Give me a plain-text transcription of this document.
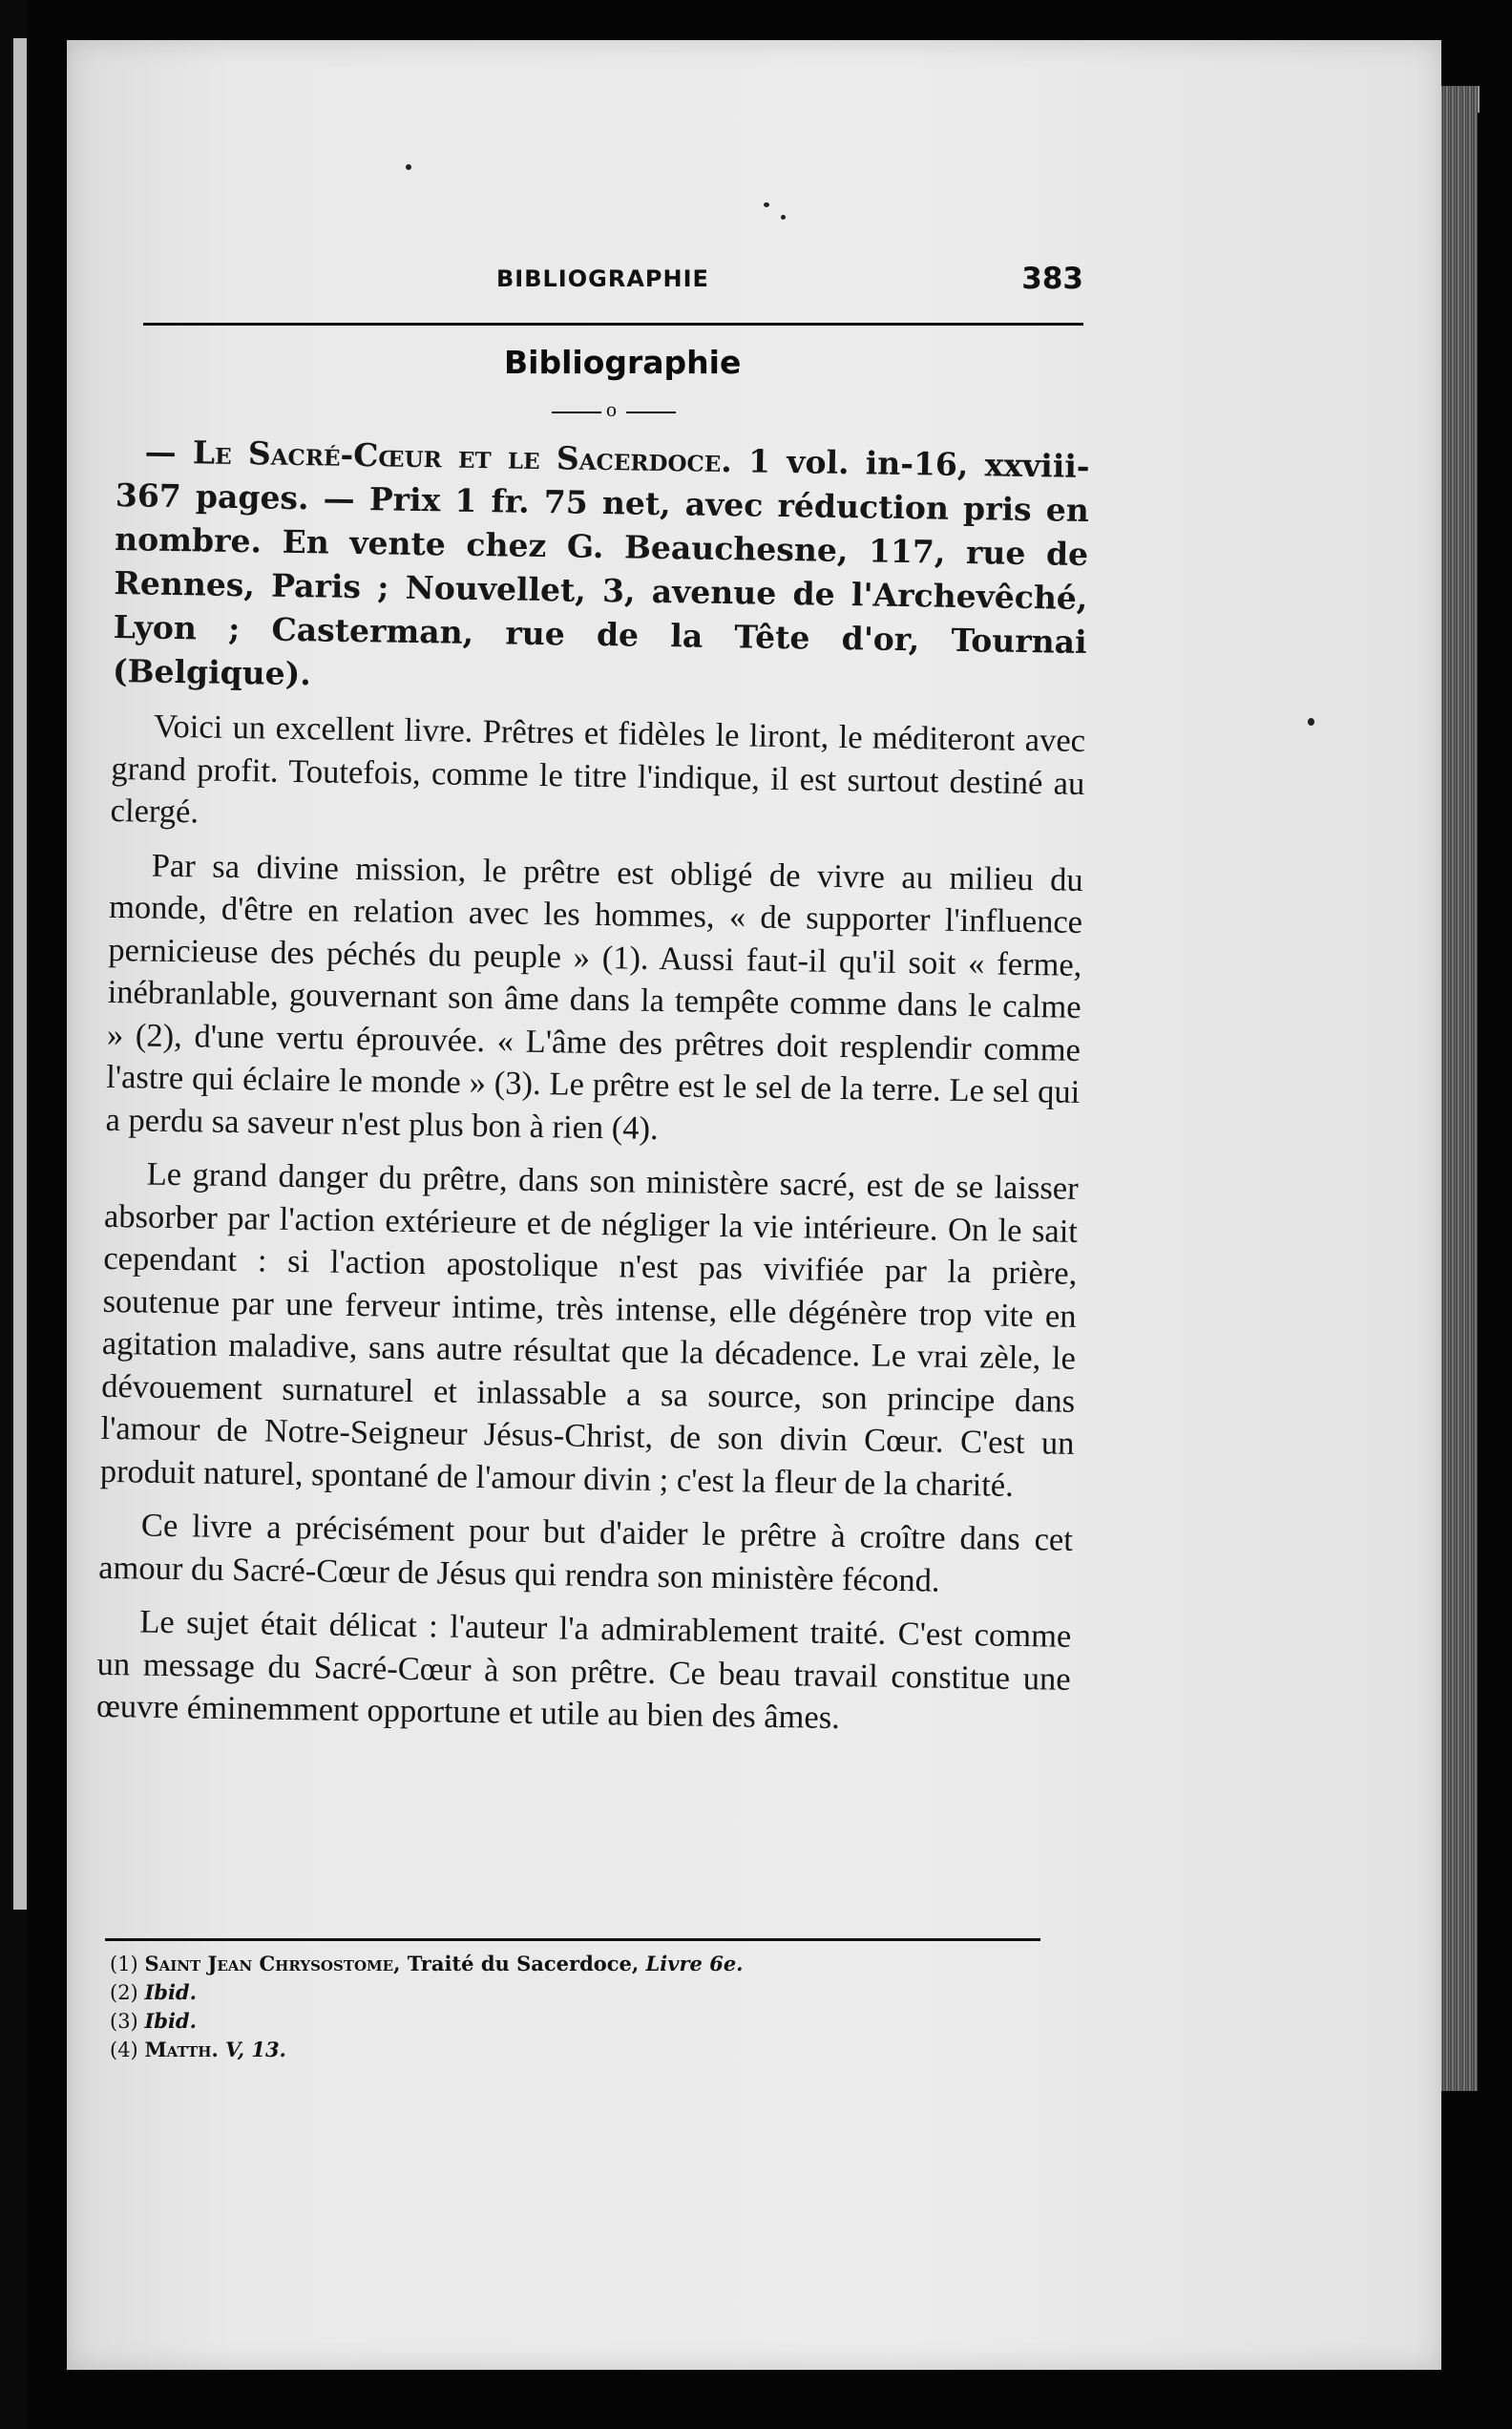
BIBLIOGRAPHIE	383
Bibliographie
o

— Le Sacré-Cœur et le Sacerdoce. 1 vol. in-16, xxviii-367 pages. — Prix 1 fr. 75 net, avec réduction pris en nombre. En vente chez G. Beauchesne, 117, rue de Rennes, Paris ; Nouvellet, 3, avenue de l'Archevêché, Lyon ; Casterman, rue de la Tête d'or, Tournai (Belgique).

Voici un excellent livre. Prêtres et fidèles le liront, le méditeront avec grand profit. Toutefois, comme le titre l'indique, il est surtout destiné au clergé.

Par sa divine mission, le prêtre est obligé de vivre au milieu du monde, d'être en relation avec les hommes, « de supporter l'influence pernicieuse des péchés du peuple » (1). Aussi faut-il qu'il soit « ferme, inébranlable, gouvernant son âme dans la tempête comme dans le calme » (2), d'une vertu éprouvée. « L'âme des prêtres doit resplendir comme l'astre qui éclaire le monde » (3). Le prêtre est le sel de la terre. Le sel qui a perdu sa saveur n'est plus bon à rien (4).

Le grand danger du prêtre, dans son ministère sacré, est de se laisser absorber par l'action extérieure et de négliger la vie intérieure. On le sait cependant : si l'action apostolique n'est pas vivifiée par la prière, soutenue par une ferveur intime, très intense, elle dégénère trop vite en agitation maladive, sans autre résultat que la décadence. Le vrai zèle, le dévouement surnaturel et inlassable a sa source, son principe dans l'amour de Notre-Seigneur Jésus-Christ, de son divin Cœur. C'est un produit naturel, spontané de l'amour divin ; c'est la fleur de la charité.

Ce livre a précisément pour but d'aider le prêtre à croître dans cet amour du Sacré-Cœur de Jésus qui rendra son ministère fécond.

Le sujet était délicat : l'auteur l'a admirablement traité. C'est comme un message du Sacré-Cœur à son prêtre. Ce beau travail constitue une œuvre éminemment opportune et utile au bien des âmes.

(1) Saint Jean Chrysostome, Traité du Sacerdoce, Livre 6e.
(2) Ibid.
(3) Ibid.
(4) Matth. V, 13.
